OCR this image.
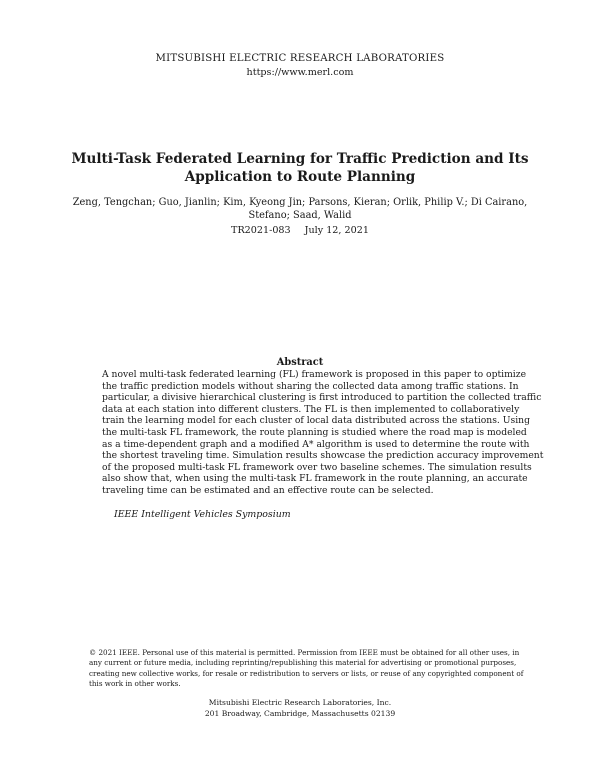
MITSUBISHI ELECTRIC RESEARCH LABORATORIES
https://www.merl.com
Multi-Task Federated Learning for Traffic Prediction and Its
Application to Route Planning
Zeng, Tengchan; Guo, Jianlin; Kim, Kyeong Jin; Parsons, Kieran; Orlik, Philip V.; Di Cairano,
Stefano; Saad, Walid
TR2021-083 July 12, 2021
Abstract
A novel multi-task federated learning (FL) framework is proposed in this paper to optimize
the traffic prediction models without sharing the collected data among traffic stations. In
particular, a divisive hierarchical clustering is first introduced to partition the collected traffic
data at each station into different clusters. The FL is then implemented to collaboratively
train the learning model for each cluster of local data distributed across the stations. Using
the multi-task FL framework, the route planning is studied where the road map is modeled
as a time-dependent graph and a modified A* algorithm is used to determine the route with
the shortest traveling time. Simulation results showcase the prediction accuracy improvement
of the proposed multi-task FL framework over two baseline schemes. The simulation results
also show that, when using the multi-task FL framework in the route planning, an accurate
traveling time can be estimated and an effective route can be selected.
IEEE Intelligent Vehicles Symposium
© 2021 IEEE. Personal use of this material is permitted. Permission from IEEE must be obtained for all other uses, in
any current or future media, including reprinting/republishing this material for advertising or promotional purposes,
creating new collective works, for resale or redistribution to servers or lists, or reuse of any copyrighted component of
this work in other works.
Mitsubishi Electric Research Laboratories, Inc.
201 Broadway, Cambridge, Massachusetts 02139
